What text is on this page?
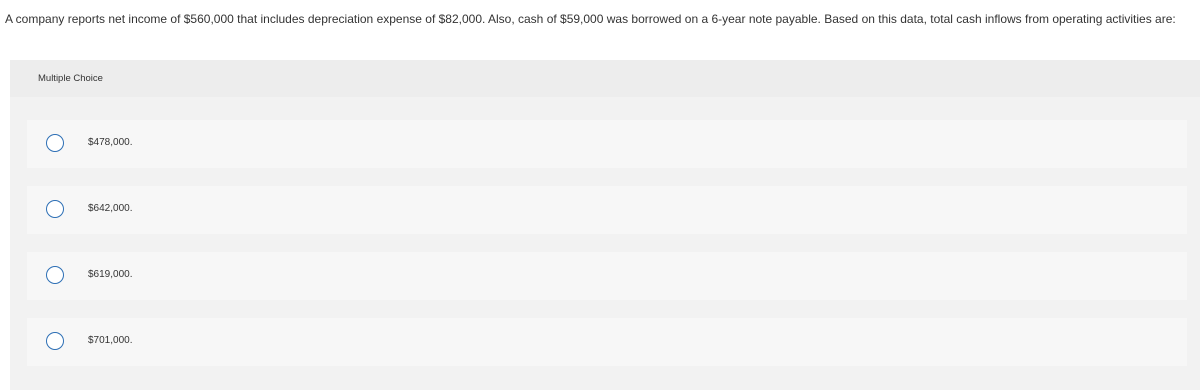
A company reports net income of $560,000 that includes depreciation expense of $82,000. Also, cash of $59,000 was borrowed on a 6-year note payable. Based on this data, total cash inflows from operating activities are:
Multiple Choice
$478,000.
$642,000.
$619,000.
$701,000.
